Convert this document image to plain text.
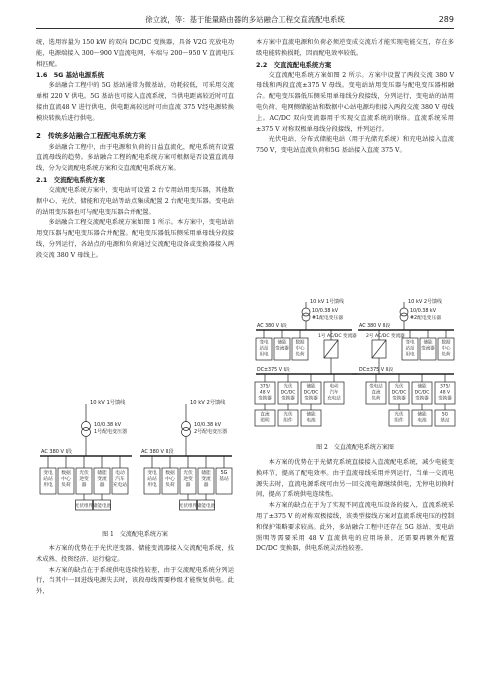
徐立波，等：基于能量路由器的多站融合工程交直流配电系统	289

统，选用容量为 150 kW 的双向 DC/DC 变换器，具备 V2G 充放电功能，电源端接入 300～900 V直流电网，车端与 200～950 V 直流电压相匹配。

1.6　5G 基站电源系统

多站融合工程中的 5G 基站通常为微基站，功耗较低，可采用交流单相 220 V 供电。5G 基站也可接入直流系统，当供电距离较近时可直接由直流48 V 进行供电，供电距离较远时可由直流 375 V经电源转换模块转换后进行供电。

2　传统多站融合工程配电系统方案

多站融合工程中，由于电源和负荷的日益直流化，配电系统有设置直流母线的趋势。多站融合工程的配电系统方案可根据是否设置直流母线，分为交流配电系统方案和交直流配电系统方案。

2.1　交流配电系统方案

交流配电系统方案中，变电站可设置 2 台专用站用变压器，其他数据中心、光伏、储能和充电站等站点集成配置 2 台配电变压器。变电站的站用变压器也可与配电变压器合并配置。

多站融合工程交流配电系统方案如图 1 所示。本方案中，变电站站用变压器与配电变压器合并配置。配电变压器低压侧采用单母线分段接线，分列运行，各站点的电源和负荷通过交流配电设备或变换器接入两段交流 380 V 母线上。

10 kV 1号馈线	10 kV 2号馈线
10/0.38 kV
1号配电变压器
10/0.38 kV
2号配电变压器
AC 380 V I段	AC 380 V II段
变电
站站
用电
数据
中心
负荷
光伏
逆变
器
储能
变流
器
电动
汽车
充电站
变电
站站
用电
数据
中心
负荷
光伏
逆变
器
储能
变流
器
5G
基站
光伏组件 储能电池	光伏组件 储能电池
图 1　交流配电系统方案

本方案的优势在于光伏逆变器、储能变流器接入交流配电系统，技术成熟、投资经济、运行稳定。

本方案的缺点在于系统供电连续性较差，由于交流配电系统分列运行，当其中一回进线电源失去时，该段母线需要秒级才能恢复供电。此外，

本方案中直流电源和负荷必须逆变成交流后才能实现电能交互，存在多级电能转换损耗，因而配电效率较低。

2.2　交直流配电系统方案

交直流配电系统方案如图 2 所示。方案中设置了两段交流 380 V 母线和两段直流±375 V 母线。变电站站用变压器与配电变压器相融合。配电变压器低压侧采用单母线分段接线，分列运行，变电站的站用电负荷、电网侧储能站和数据中心站电源均衔接入两段交流 380 V 母线上。AC/DC 双向变流器用于实现交直流系统的联络。直流系统采用±375 V 对称双极单母线分段接线，并列运行。

光伏电站、分布式储能电站（用于光储充系统）和充电站接入直流 750 V，变电站直流负荷和5G 基站接入直流 375 V。

10 kV 1号馈线	10 kV 2号馈线
10/0.38 kV
#1配电变压器
10/0.38 kV
#2配电变压器
AC 380 V I段	AC 380 V II段
1号 AC/DC 变流器 2号 AC/DC 变流器
DC±375 V I段	DC±375 V II段
变电
站站
用电
储能
变流器
数据
中心
负荷
变电
站站
用电
储能
变流器
数据
中心
负荷
375/
48 V
变换器
光伏
DC/DC
变换器
储能
DC/DC
变换器
电动
汽车
充电站
变电站
直流
负荷
光伏
DC/DC
变换器
储能
DC/DC
变换器
375/
48 V
变换器
直流
照明
光伏
组件
储能
电池
光伏
组件
储能
电池
5G
基站
图 2　交直流配电系统方案图

本方案的优势在于光储充系统直接接入直流配电系统，减少电能变换环节，提高了配电效率。由于直流母线采用并列运行，当单一交流电源失去时，直流电源系统可由另一回交流电源继续供电，无停电切换时间，提高了系统供电连续性。

本方案的缺点在于为了实现不同直流电压设备的接入，直流系统采用了±375 V 的对称双极接线，该类型接线方案对直流系统电压的控制和保护策略要求较高。此外，多站融合工程中还存在 5G 基站、变电站照明等需要采用 48 V 直流供电的应用场景，还需要再额外配置 DC/DC 变换器，供电系统灵活性较差。
